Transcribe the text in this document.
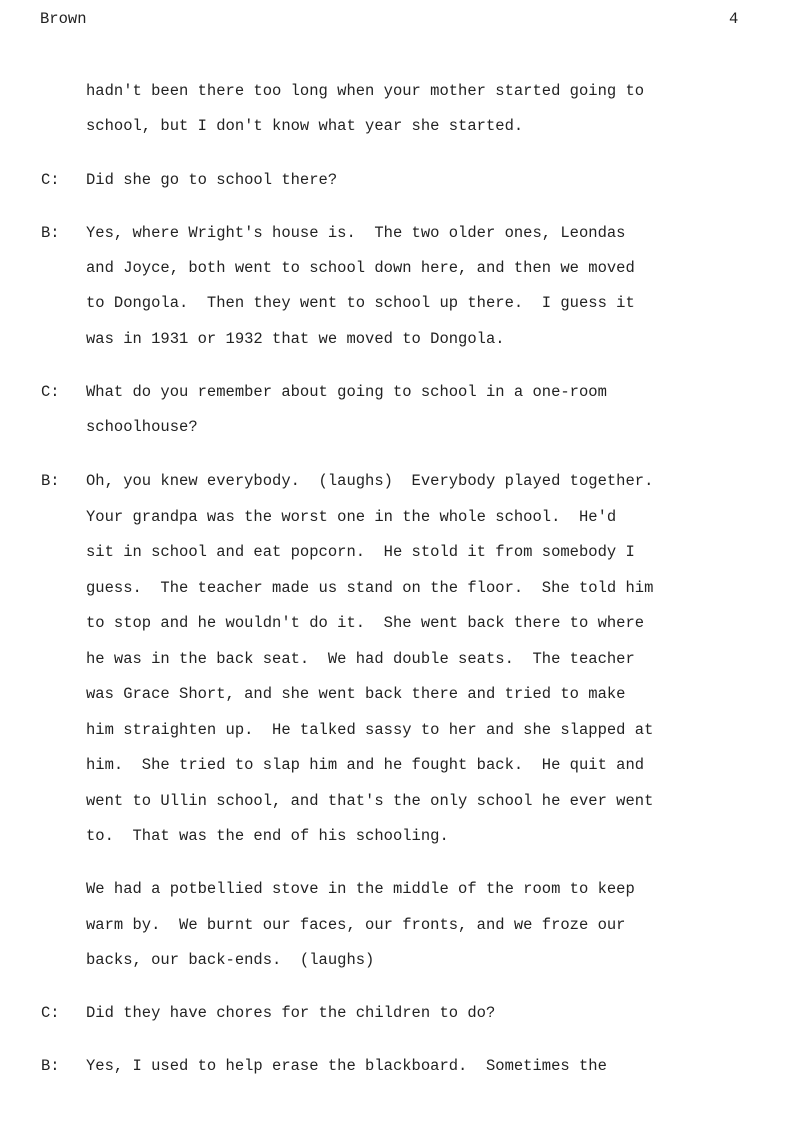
Brown	4
hadn't been there too long when your mother started going to
school, but I don't know what year she started.
C: Did she go to school there?
B: Yes, where Wright's house is.  The two older ones, Leondas
and Joyce, both went to school down here, and then we moved
to Dongola.  Then they went to school up there.  I guess it
was in 1931 or 1932 that we moved to Dongola.
C: What do you remember about going to school in a one-room
schoolhouse?
B: Oh, you knew everybody.  (laughs)  Everybody played together.
Your grandpa was the worst one in the whole school.  He'd
sit in school and eat popcorn.  He stold it from somebody I
guess.  The teacher made us stand on the floor.  She told him
to stop and he wouldn't do it.  She went back there to where
he was in the back seat.  We had double seats.  The teacher
was Grace Short, and she went back there and tried to make
him straighten up.  He talked sassy to her and she slapped at
him.  She tried to slap him and he fought back.  He quit and
went to Ullin school, and that's the only school he ever went
to.  That was the end of his schooling.
We had a potbellied stove in the middle of the room to keep
warm by.  We burnt our faces, our fronts, and we froze our
backs, our back-ends.  (laughs)
C: Did they have chores for the children to do?
B: Yes, I used to help erase the blackboard.  Sometimes the
